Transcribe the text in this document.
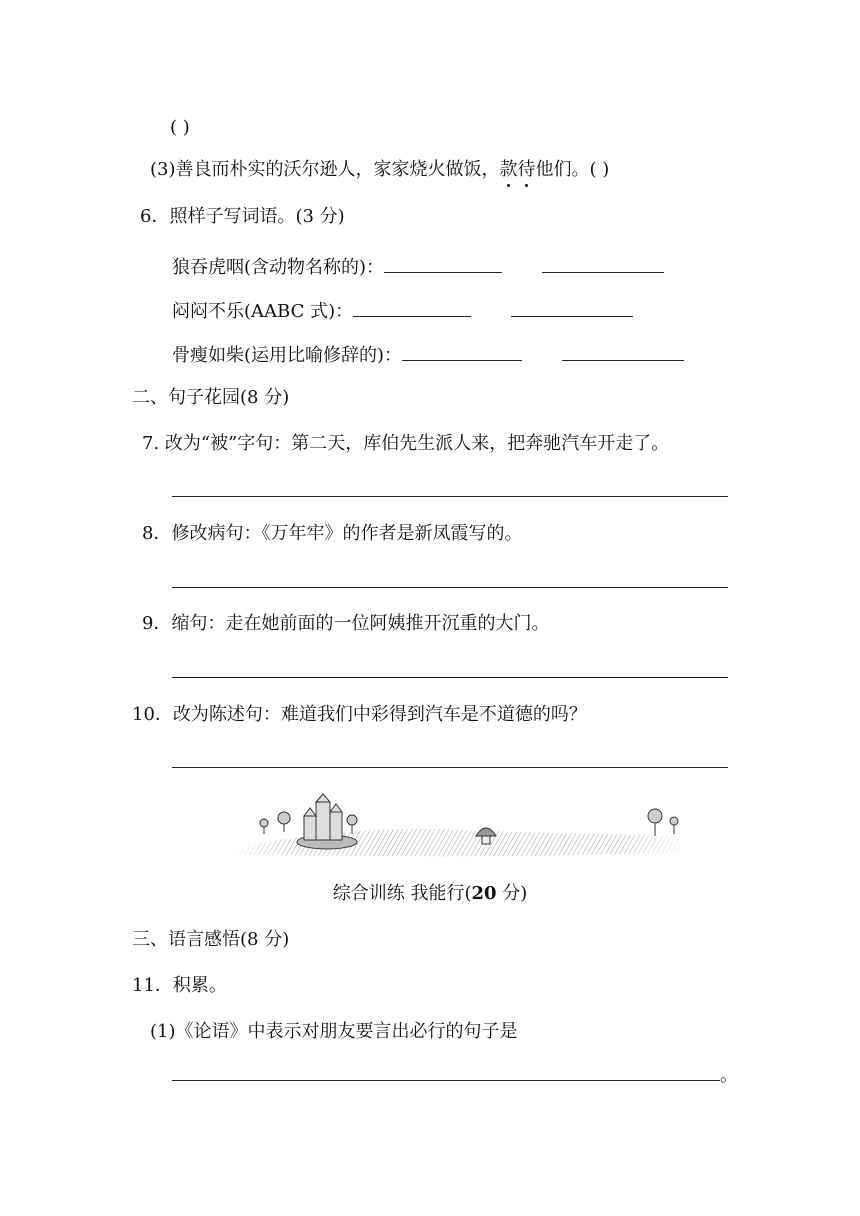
( )
(3)善良而朴实的沃尔逊人，家家烧火做饭，款待他们。( )
6．照样子写词语。(3 分)
狼吞虎咽(含动物名称的)：
闷闷不乐(AABC 式)：
骨瘦如柴(运用比喻修辞的)：
二、句子花园(8 分)
7. 改为“被”字句：第二天，库伯先生派人来，把奔驰汽车开走了。
8．修改病句：《万年牢》的作者是新凤霞写的。
9．缩句：走在她前面的一位阿姨推开沉重的大门。
10．改为陈述句：难道我们中彩得到汽车是不道德的吗？
综合训练 我能行(20 分)
三、语言感悟(8 分)
11．积累。
(1)《论语》中表示对朋友要言出必行的句子是
。
